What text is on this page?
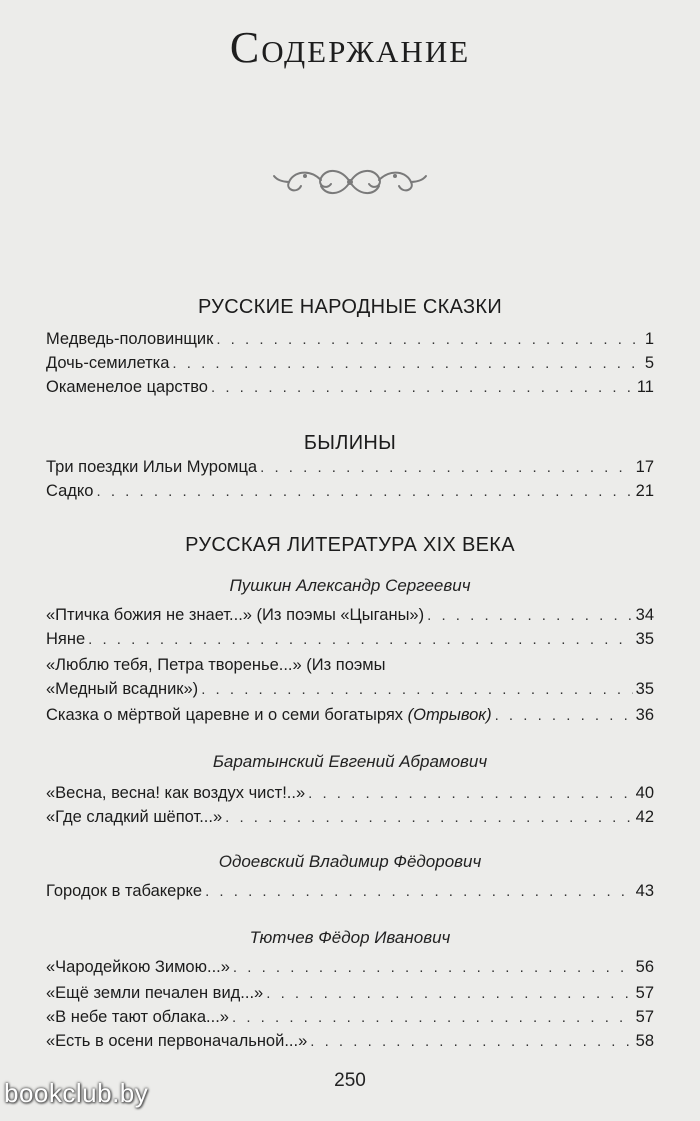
Содержание
РУССКИЕ НАРОДНЫЕ СКАЗКИ
Медведь-половинщик . . .	1
Дочь-семилетка . . .	5
Окаменелое царство . . .	11
БЫЛИНЫ
Три поездки Ильи Муромца . . .	17
Садко . . .	21
РУССКАЯ ЛИТЕРАТУРА XIX ВЕКА
Пушкин Александр Сергеевич
«Птичка божия не знает...» (Из поэмы «Цыганы») . . .	34
Няне . . .	35
«Люблю тебя, Петра творенье...» (Из поэмы
«Медный всадник») . . .	35
Сказка о мёртвой царевне и о семи богатырях (Отрывок) . . .	36
Баратынский Евгений Абрамович
«Весна, весна! как воздух чист!..» . . .	40
«Где сладкий шёпот...» . . .	42
Одоевский Владимир Фёдорович
Городок в табакерке . . .	43
Тютчев Фёдор Иванович
«Чародейкою Зимою...» . . .	56
«Ещё земли печален вид...» . . .	57
«В небе тают облака...» . . .	57
«Есть в осени первоначальной...» . . .	58
250
bookclub.by
